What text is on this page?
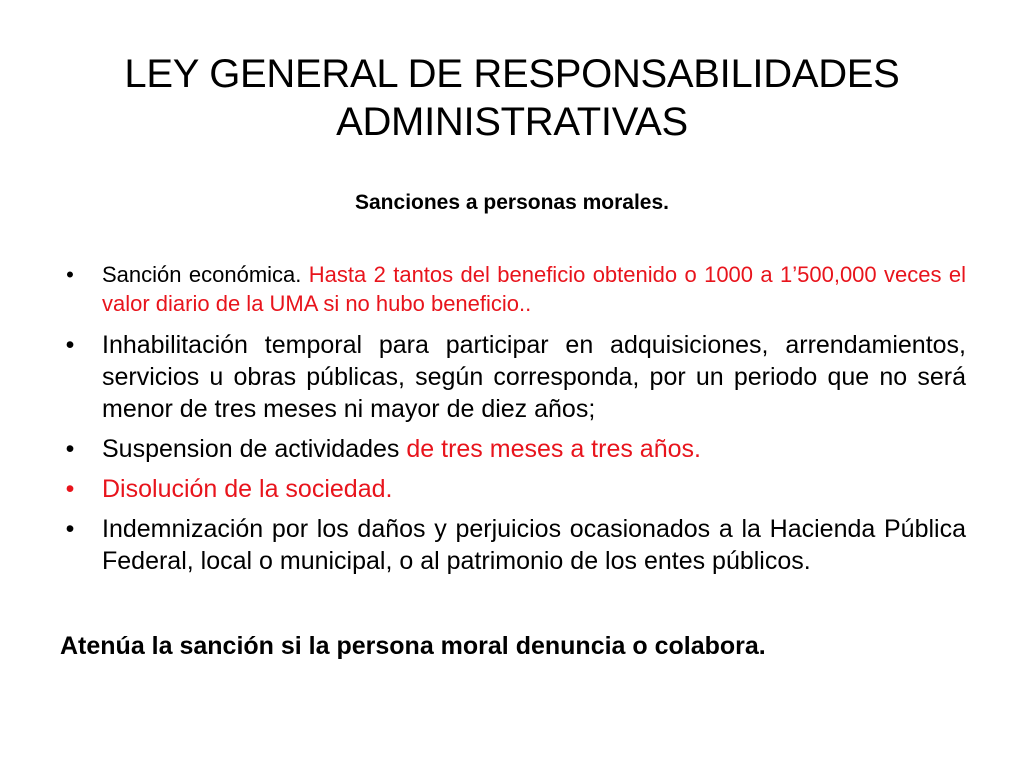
LEY GENERAL DE RESPONSABILIDADES ADMINISTRATIVAS
Sanciones a personas morales.
• Sanción económica. Hasta 2 tantos del beneficio obtenido o 1000 a 1’500,000 veces el valor diario de la UMA si no hubo beneficio..
• Inhabilitación temporal para participar en adquisiciones, arrendamientos, servicios u obras públicas, según corresponda, por un periodo que no será menor de tres meses ni mayor de diez años;
• Suspension de actividades de tres meses a tres años.
• Disolución de la sociedad.
• Indemnización por los daños y perjuicios ocasionados a la Hacienda Pública Federal, local o municipal, o al patrimonio de los entes públicos.

Atenúa la sanción si la persona moral denuncia o colabora.
